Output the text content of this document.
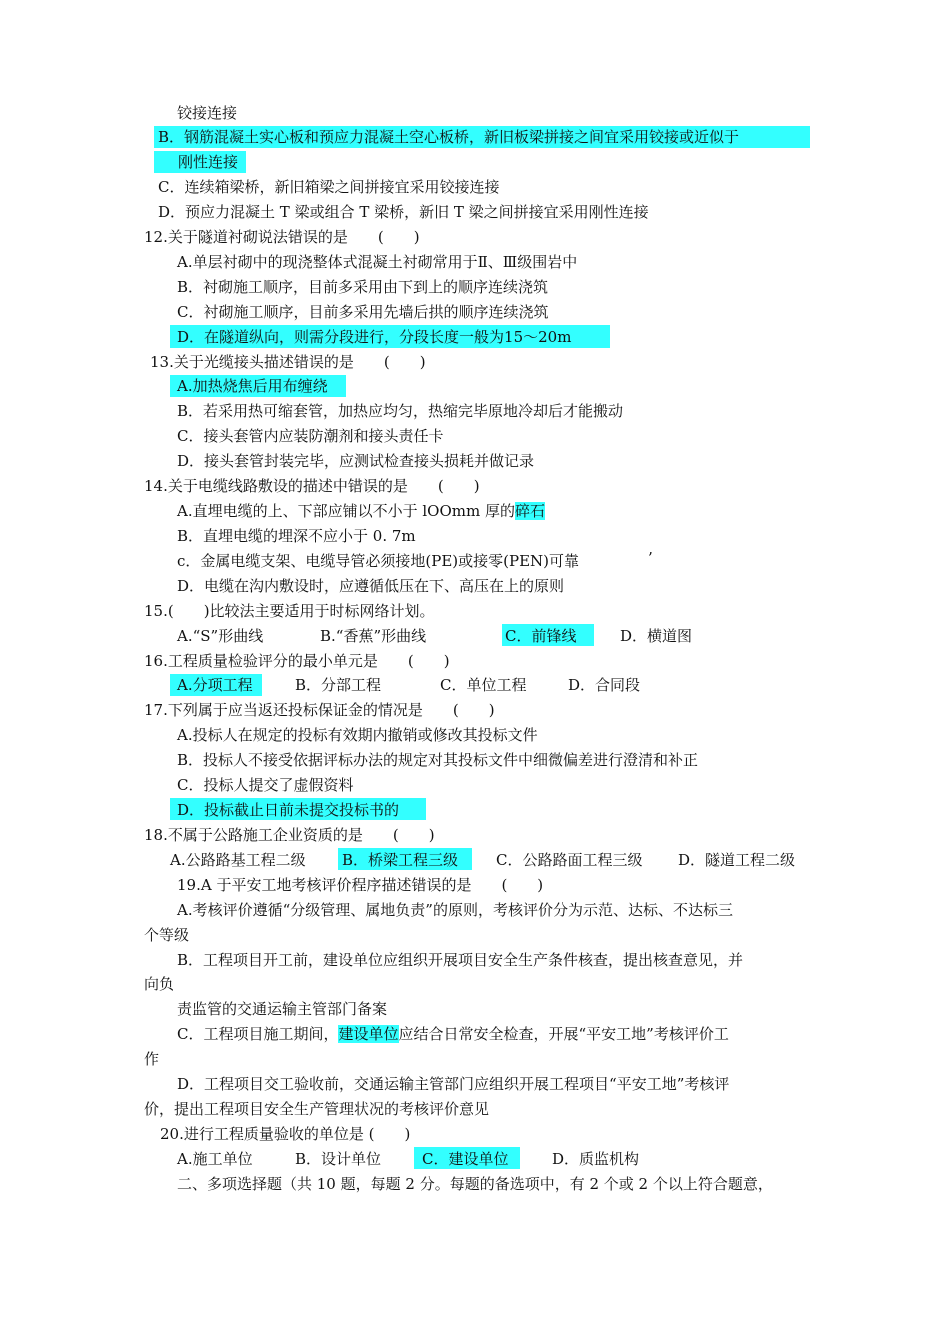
铰接连接
B．钢筋混凝土实心板和预应力混凝土空心板桥，新旧板梁拼接之间宜采用铰接或近似于
刚性连接
C．连续箱梁桥，新旧箱梁之间拼接宜采用铰接连接
D．预应力混凝土 T 梁或组合 T 梁桥，新旧 T 梁之间拼接宜采用刚性连接
12.关于隧道衬砌说法错误的是　　(　　)
A.单层衬砌中的现浇整体式混凝土衬砌常用于Ⅱ、Ⅲ级围岩中
B．衬砌施工顺序，目前多采用由下到上的顺序连续浇筑
C．衬砌施工顺序，目前多采用先墙后拱的顺序连续浇筑
D．在隧道纵向，则需分段进行，分段长度一般为15～20m
13.关于光缆接头描述错误的是　　(　　)
A.加热烧焦后用布缠绕
B．若采用热可缩套管，加热应均匀，热缩完毕原地冷却后才能搬动
C．接头套管内应装防潮剂和接头责任卡
D．接头套管封装完毕，应测试检查接头损耗并做记录
14.关于电缆线路敷设的描述中错误的是　　(　　)
A.直埋电缆的上、下部应铺以不小于 lOOmm 厚的碎石
B．直埋电缆的埋深不应小于 0. 7m
c．金属电缆支架、电缆导管必须接地(PE)或接零(PEN)可靠	’
D．电缆在沟内敷设时，应遵循低压在下、高压在上的原则
15.(　　)比较法主要适用于时标网络计划。
A.“S”形曲线	B.“香蕉”形曲线	C．前锋线	D．横道图
16.工程质量检验评分的最小单元是　　(　　)
A.分项工程	B．分部工程	C．单位工程	D．合同段
17.下列属于应当返还投标保证金的情况是　　(　　)
A.投标人在规定的投标有效期内撤销或修改其投标文件
B．投标人不接受依据评标办法的规定对其投标文件中细微偏差进行澄清和补正
C．投标人提交了虚假资料
D．投标截止日前未提交投标书的
18.不属于公路施工企业资质的是　　(　　)
A.公路路基工程二级 B．桥梁工程三级	C．公路路面工程三级 D．隧道工程二级
19.A 于平安工地考核评价程序描述错误的是　　(　　)
A.考核评价遵循“分级管理、属地负责”的原则，考核评价分为示范、达标、不达标三
个等级
B．工程项目开工前，建设单位应组织开展项目安全生产条件核查，提出核查意见，并
向负
责监管的交通运输主管部门备案
C．工程项目施工期间，建设单位应结合日常安全检查，开展“平安工地”考核评价工
作
D．工程项目交工验收前，交通运输主管部门应组织开展工程项目“平安工地”考核评
价，提出工程项目安全生产管理状况的考核评价意见
20.进行工程质量验收的单位是 (　　)
A.施工单位	B．设计单位	C．建设单位	D．质监机构
二、多项选择题（共 10 题，每题 2 分。每题的备选项中，有 2 个或 2 个以上符合题意，
